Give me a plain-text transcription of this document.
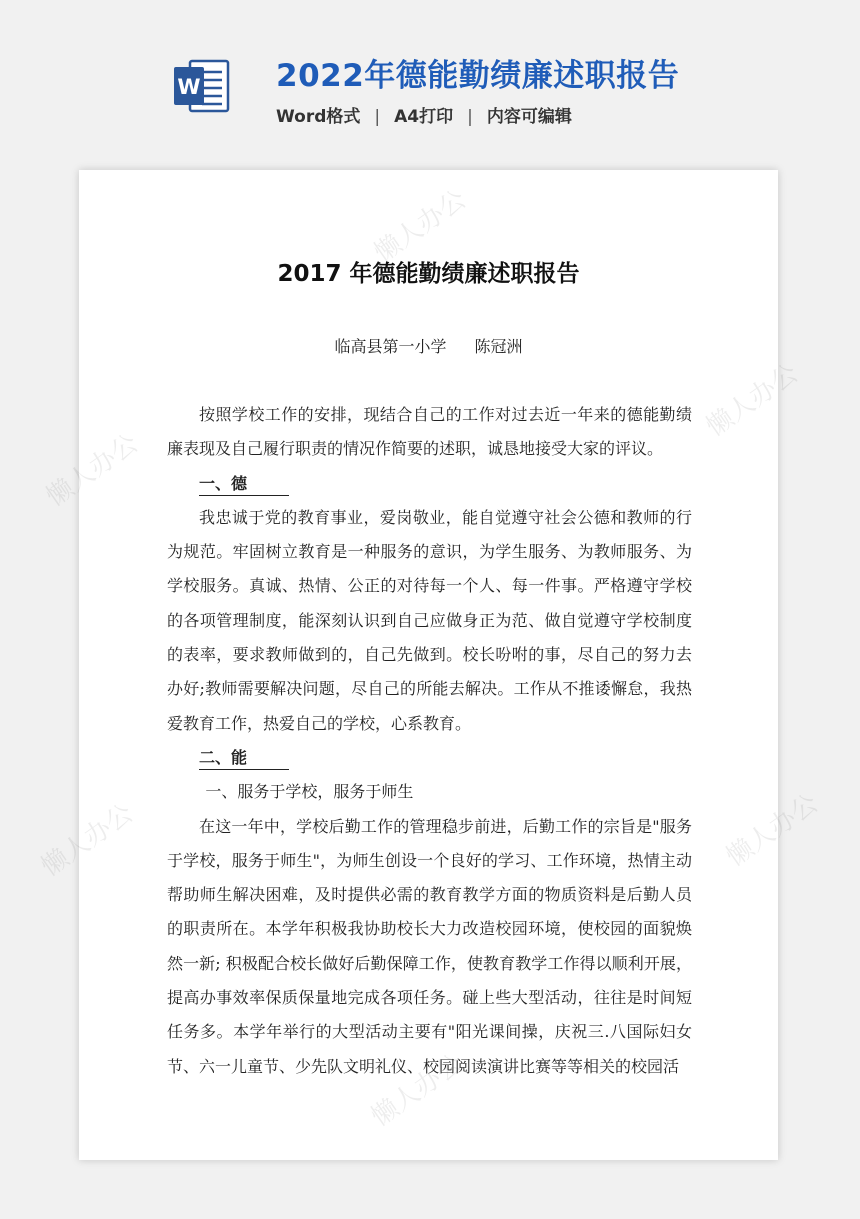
W 2022年德能勤绩廉述职报告
Word格式 | A4打印 | 内容可编辑
懒人办公
懒人办公
懒人办公
懒人办公	懒人办公
懒人办公
2017 年德能勤绩廉述职报告
临高县第一小学 陈冠洲

按照学校工作的安排，现结合自己的工作对过去近一年来的德能勤绩廉表现及自己履行职责的情况作简要的述职，诚恳地接受大家的评议。

一、德

我忠诚于党的教育事业，爱岗敬业，能自觉遵守社会公德和教师的行为规范。牢固树立教育是一种服务的意识，为学生服务、为教师服务、为学校服务。真诚、热情、公正的对待每一个人、每一件事。严格遵守学校的各项管理制度，能深刻认识到自己应做身正为范、做自觉遵守学校制度的表率，要求教师做到的，自己先做到。校长吩咐的事，尽自己的努力去办好;教师需要解决问题，尽自己的所能去解决。工作从不推诿懈怠，我热爱教育工作，热爱自己的学校，心系教育。

二、能

一、服务于学校，服务于师生

在这一年中，学校后勤工作的管理稳步前进，后勤工作的宗旨是"服务于学校，服务于师生"，为师生创设一个良好的学习、工作环境，热情主动帮助师生解决困难，及时提供必需的教育教学方面的物质资料是后勤人员的职责所在。本学年积极我协助校长大力改造校园环境，使校园的面貌焕然一新; 积极配合校长做好后勤保障工作，使教育教学工作得以顺利开展，提高办事效率保质保量地完成各项任务。碰上些大型活动，往往是时间短任务多。本学年举行的大型活动主要有"阳光课间操，庆祝三.八国际妇女节、六一儿童节、少先队文明礼仪、校园阅读演讲比赛等等相关的校园活
